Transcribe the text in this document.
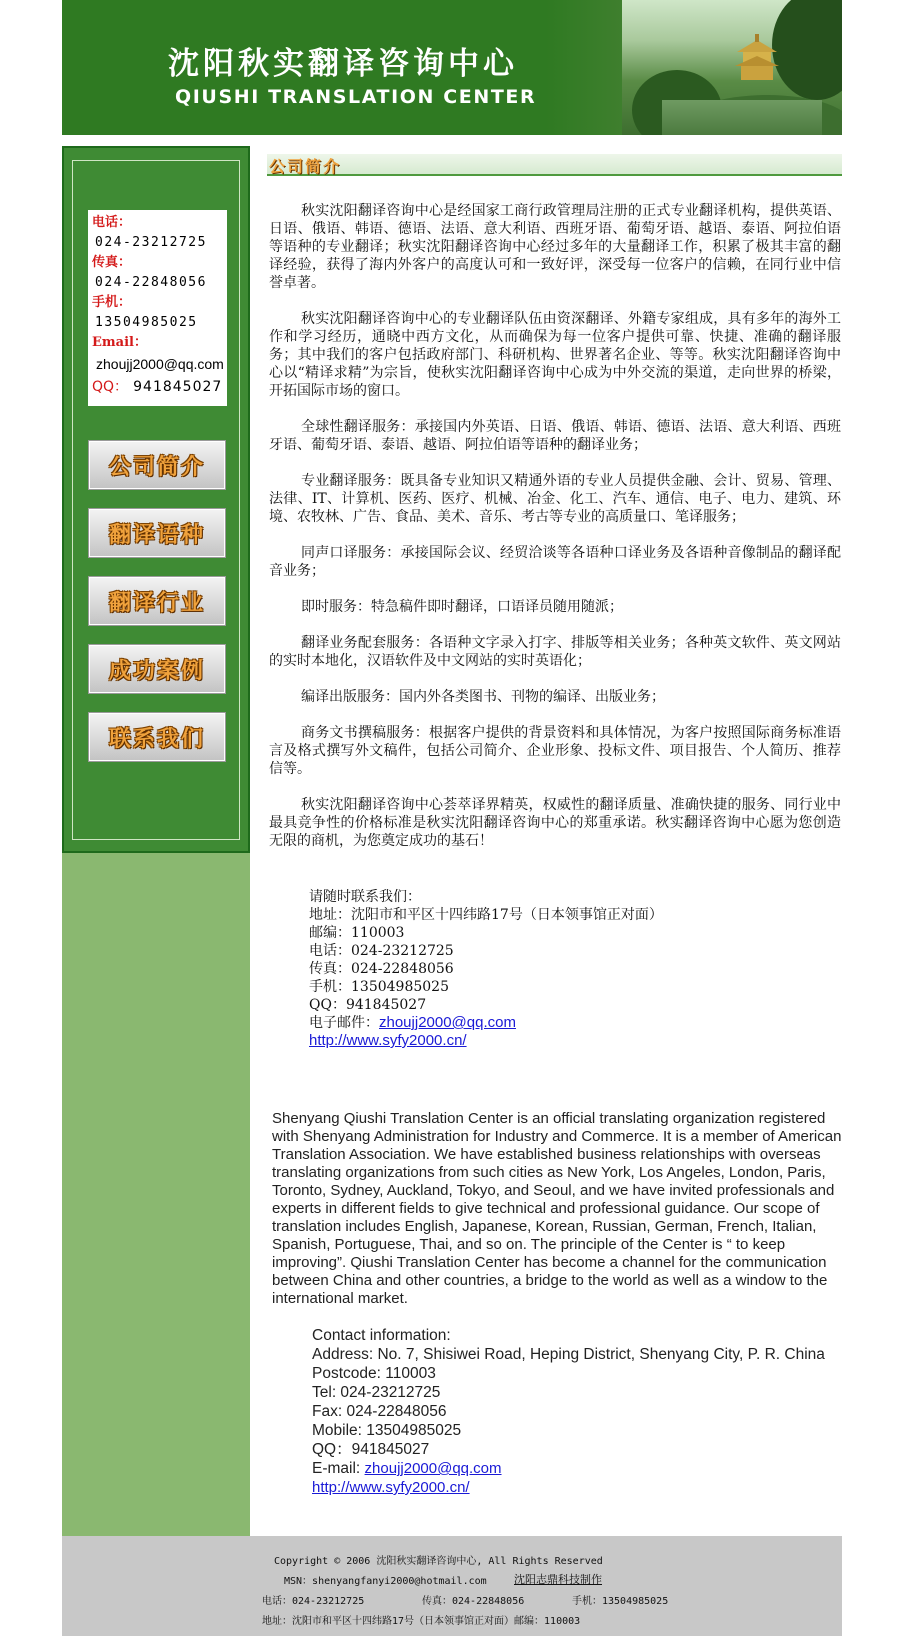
沈阳秋实翻译咨询中心
QIUSHI TRANSLATION CENTER
电话：
024-23212725
传真：
024-22848056
手机：
13504985025
Email：
zhoujj2000@qq.com
QQ： 941845027
公司简介
翻译语种
翻译行业
成功案例
联系我们
公司简介

秋实沈阳翻译咨询中心是经国家工商行政管理局注册的正式专业翻译机构，提供英语、日语、俄语、韩语、德语、法语、意大利语、西班牙语、葡萄牙语、越语、泰语、阿拉伯语等语种的专业翻译；秋实沈阳翻译咨询中心经过多年的大量翻译工作，积累了极其丰富的翻译经验，获得了海内外客户的高度认可和一致好评，深受每一位客户的信赖，在同行业中信誉卓著。

秋实沈阳翻译咨询中心的专业翻译队伍由资深翻译、外籍专家组成，具有多年的海外工作和学习经历，通晓中西方文化，从而确保为每一位客户提供可靠、快捷、准确的翻译服务；其中我们的客户包括政府部门、科研机构、世界著名企业、等等。秋实沈阳翻译咨询中心以“精译求精”为宗旨，使秋实沈阳翻译咨询中心成为中外交流的渠道，走向世界的桥梁，开拓国际市场的窗口。

全球性翻译服务：承接国内外英语、日语、俄语、韩语、德语、法语、意大利语、西班牙语、葡萄牙语、泰语、越语、阿拉伯语等语种的翻译业务；

专业翻译服务：既具备专业知识又精通外语的专业人员提供金融、会计、贸易、管理、法律、IT、计算机、医药、医疗、机械、冶金、化工、汽车、通信、电子、电力、建筑、环境、农牧林、广告、食品、美术、音乐、考古等专业的高质量口、笔译服务；

同声口译服务：承接国际会议、经贸洽谈等各语种口译业务及各语种音像制品的翻译配音业务；

即时服务：特急稿件即时翻译，口语译员随用随派；

翻译业务配套服务：各语种文字录入打字、排版等相关业务；各种英文软件、英文网站的实时本地化，汉语软件及中文网站的实时英语化；

编译出版服务：国内外各类图书、刊物的编译、出版业务；

商务文书撰稿服务：根据客户提供的背景资料和具体情况，为客户按照国际商务标准语言及格式撰写外文稿件，包括公司简介、企业形象、投标文件、项目报告、个人简历、推荐信等。

秋实沈阳翻译咨询中心荟萃译界精英，权威性的翻译质量、准确快捷的服务、同行业中最具竞争性的价格标准是秋实沈阳翻译咨询中心的郑重承诺。秋实翻译咨询中心愿为您创造无限的商机，为您奠定成功的基石！

请随时联系我们：
地址：沈阳市和平区十四纬路17号（日本领事馆正对面）
邮编：110003
电话：024-23212725
传真：024-22848056
手机：13504985025
QQ：941845027
电子邮件：zhoujj2000@qq.com
http://www.syfy2000.cn/
Shenyang Qiushi Translation Center is an official translating organization registered with Shenyang Administration for Industry and Commerce. It is a member of American Translation Association. We have established business relationships with overseas translating organizations from such cities as New York, Los Angeles, London, Paris, Toronto, Sydney, Auckland, Tokyo, and Seoul, and we have invited professionals and experts in different fields to give technical and professional guidance. Our scope of translation includes English, Japanese, Korean, Russian, German, French, Italian, Spanish, Portuguese, Thai, and so on. The principle of the Center is “ to keep improving”. Qiushi Translation Center has become a channel for the communication between China and other countries, a bridge to the world as well as a window to the international market.
Contact information:
Address: No. 7, Shisiwei Road, Heping District, Shenyang City, P. R. China
Postcode: 110003
Tel: 024-23212725
Fax: 024-22848056
Mobile: 13504985025
QQ：941845027
E-mail: zhoujj2000@qq.com
http://www.syfy2000.cn/
Copyright © 2006 沈阳秋实翻译咨询中心, All Rights Reserved
MSN：shenyangfanyi2000@hotmail.com 沈阳志鼎科技制作
电话：024-23212725	传真：024-22848056	手机：13504985025
地址：沈阳市和平区十四纬路17号（日本领事馆正对面）邮编：110003
